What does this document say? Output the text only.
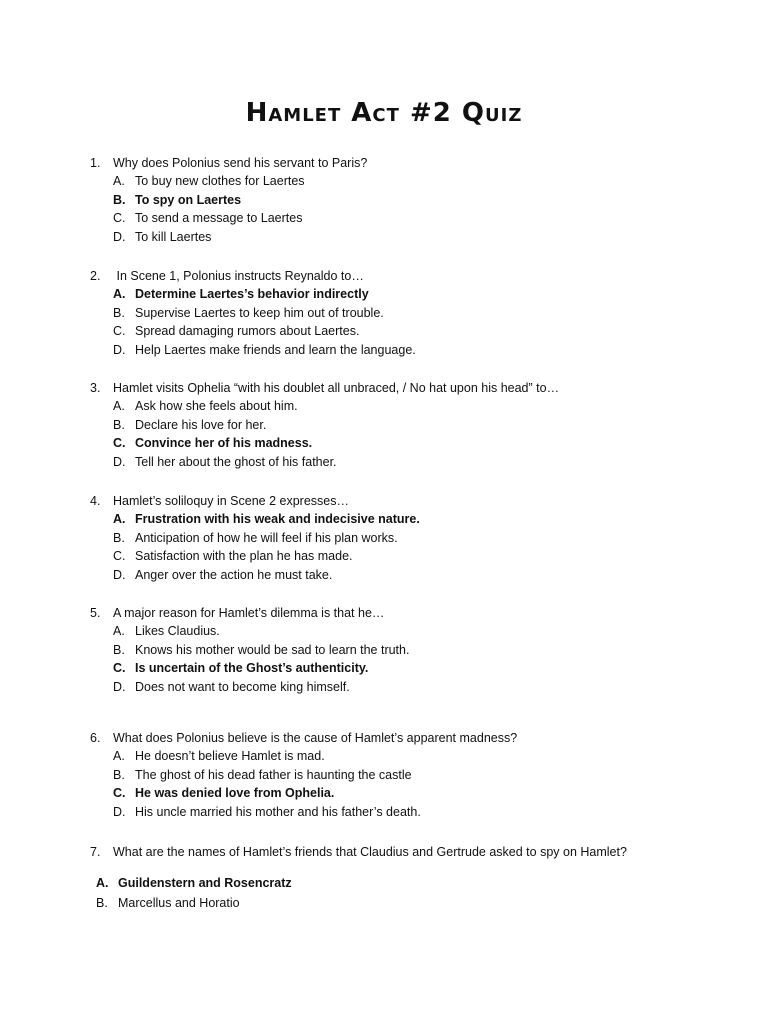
Hamlet Act #2 Quiz
1. Why does Polonius send his servant to Paris?
A. To buy new clothes for Laertes
B. To spy on Laertes
C. To send a message to Laertes
D. To kill Laertes
2. In Scene 1, Polonius instructs Reynaldo to…
A. Determine Laertes’s behavior indirectly
B. Supervise Laertes to keep him out of trouble.
C. Spread damaging rumors about Laertes.
D. Help Laertes make friends and learn the language.
3. Hamlet visits Ophelia “with his doublet all unbraced, / No hat upon his head” to…
A. Ask how she feels about him.
B. Declare his love for her.
C. Convince her of his madness.
D. Tell her about the ghost of his father.
4. Hamlet’s soliloquy in Scene 2 expresses…
A. Frustration with his weak and indecisive nature.
B. Anticipation of how he will feel if his plan works.
C. Satisfaction with the plan he has made.
D. Anger over the action he must take.
5. A major reason for Hamlet’s dilemma is that he…
A. Likes Claudius.
B. Knows his mother would be sad to learn the truth.
C. Is uncertain of the Ghost’s authenticity.
D. Does not want to become king himself.
6. What does Polonius believe is the cause of Hamlet’s apparent madness?
A. He doesn’t believe Hamlet is mad.
B. The ghost of his dead father is haunting the castle
C. He was denied love from Ophelia.
D. His uncle married his mother and his father’s death.
7. What are the names of Hamlet’s friends that Claudius and Gertrude asked to spy on Hamlet?
A. Guildenstern and Rosencratz
B. Marcellus and Horatio
